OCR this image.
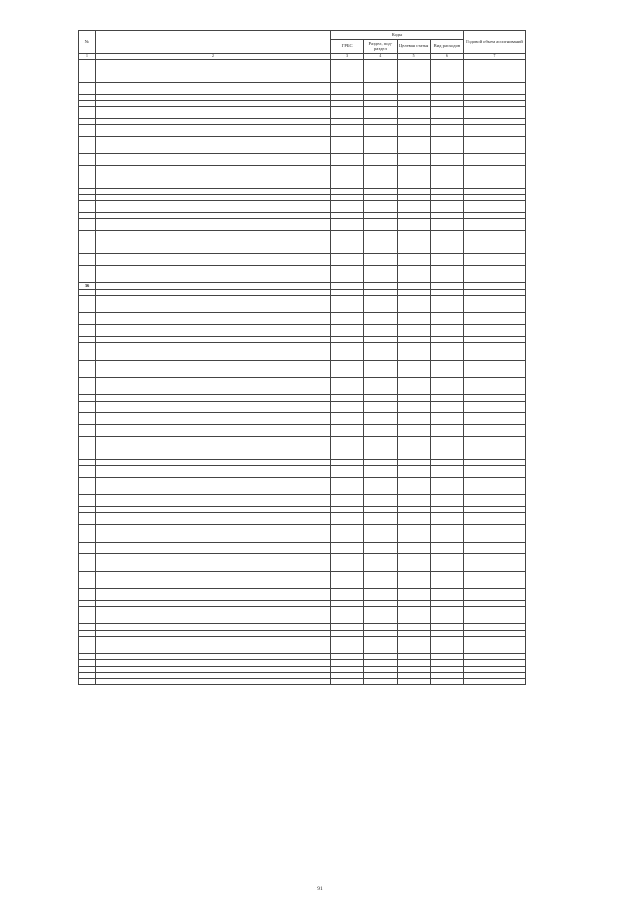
№		Коды				Годовой объем ассигнований
		ГРБС	Раздел, под-раздел	Целевая статья	Вид расходов	
1	2	3	4	5	6	7

36						

91
